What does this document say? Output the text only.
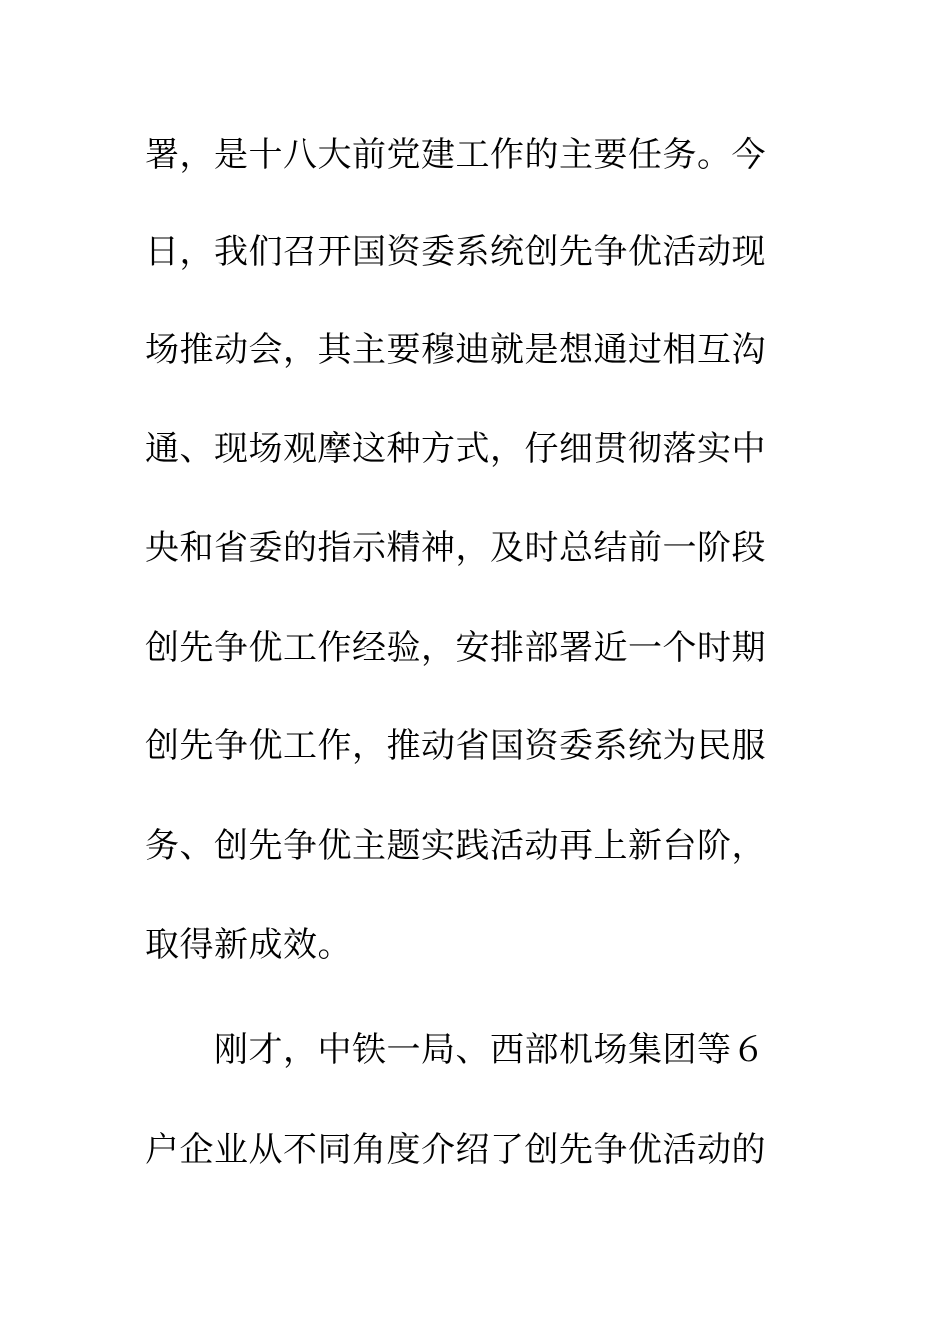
署，是十八大前党建工作的主要任务。今
日，我们召开国资委系统创先争优活动现
场推动会，其主要穆迪就是想通过相互沟
通、现场观摩这种方式，仔细贯彻落实中
央和省委的指示精神，及时总结前一阶段
创先争优工作经验，安排部署近一个时期
创先争优工作，推动省国资委系统为民服
务、创先争优主题实践活动再上新台阶，
取得新成效。
刚才，中铁一局、西部机场集团等６
户企业从不同角度介绍了创先争优活动的
